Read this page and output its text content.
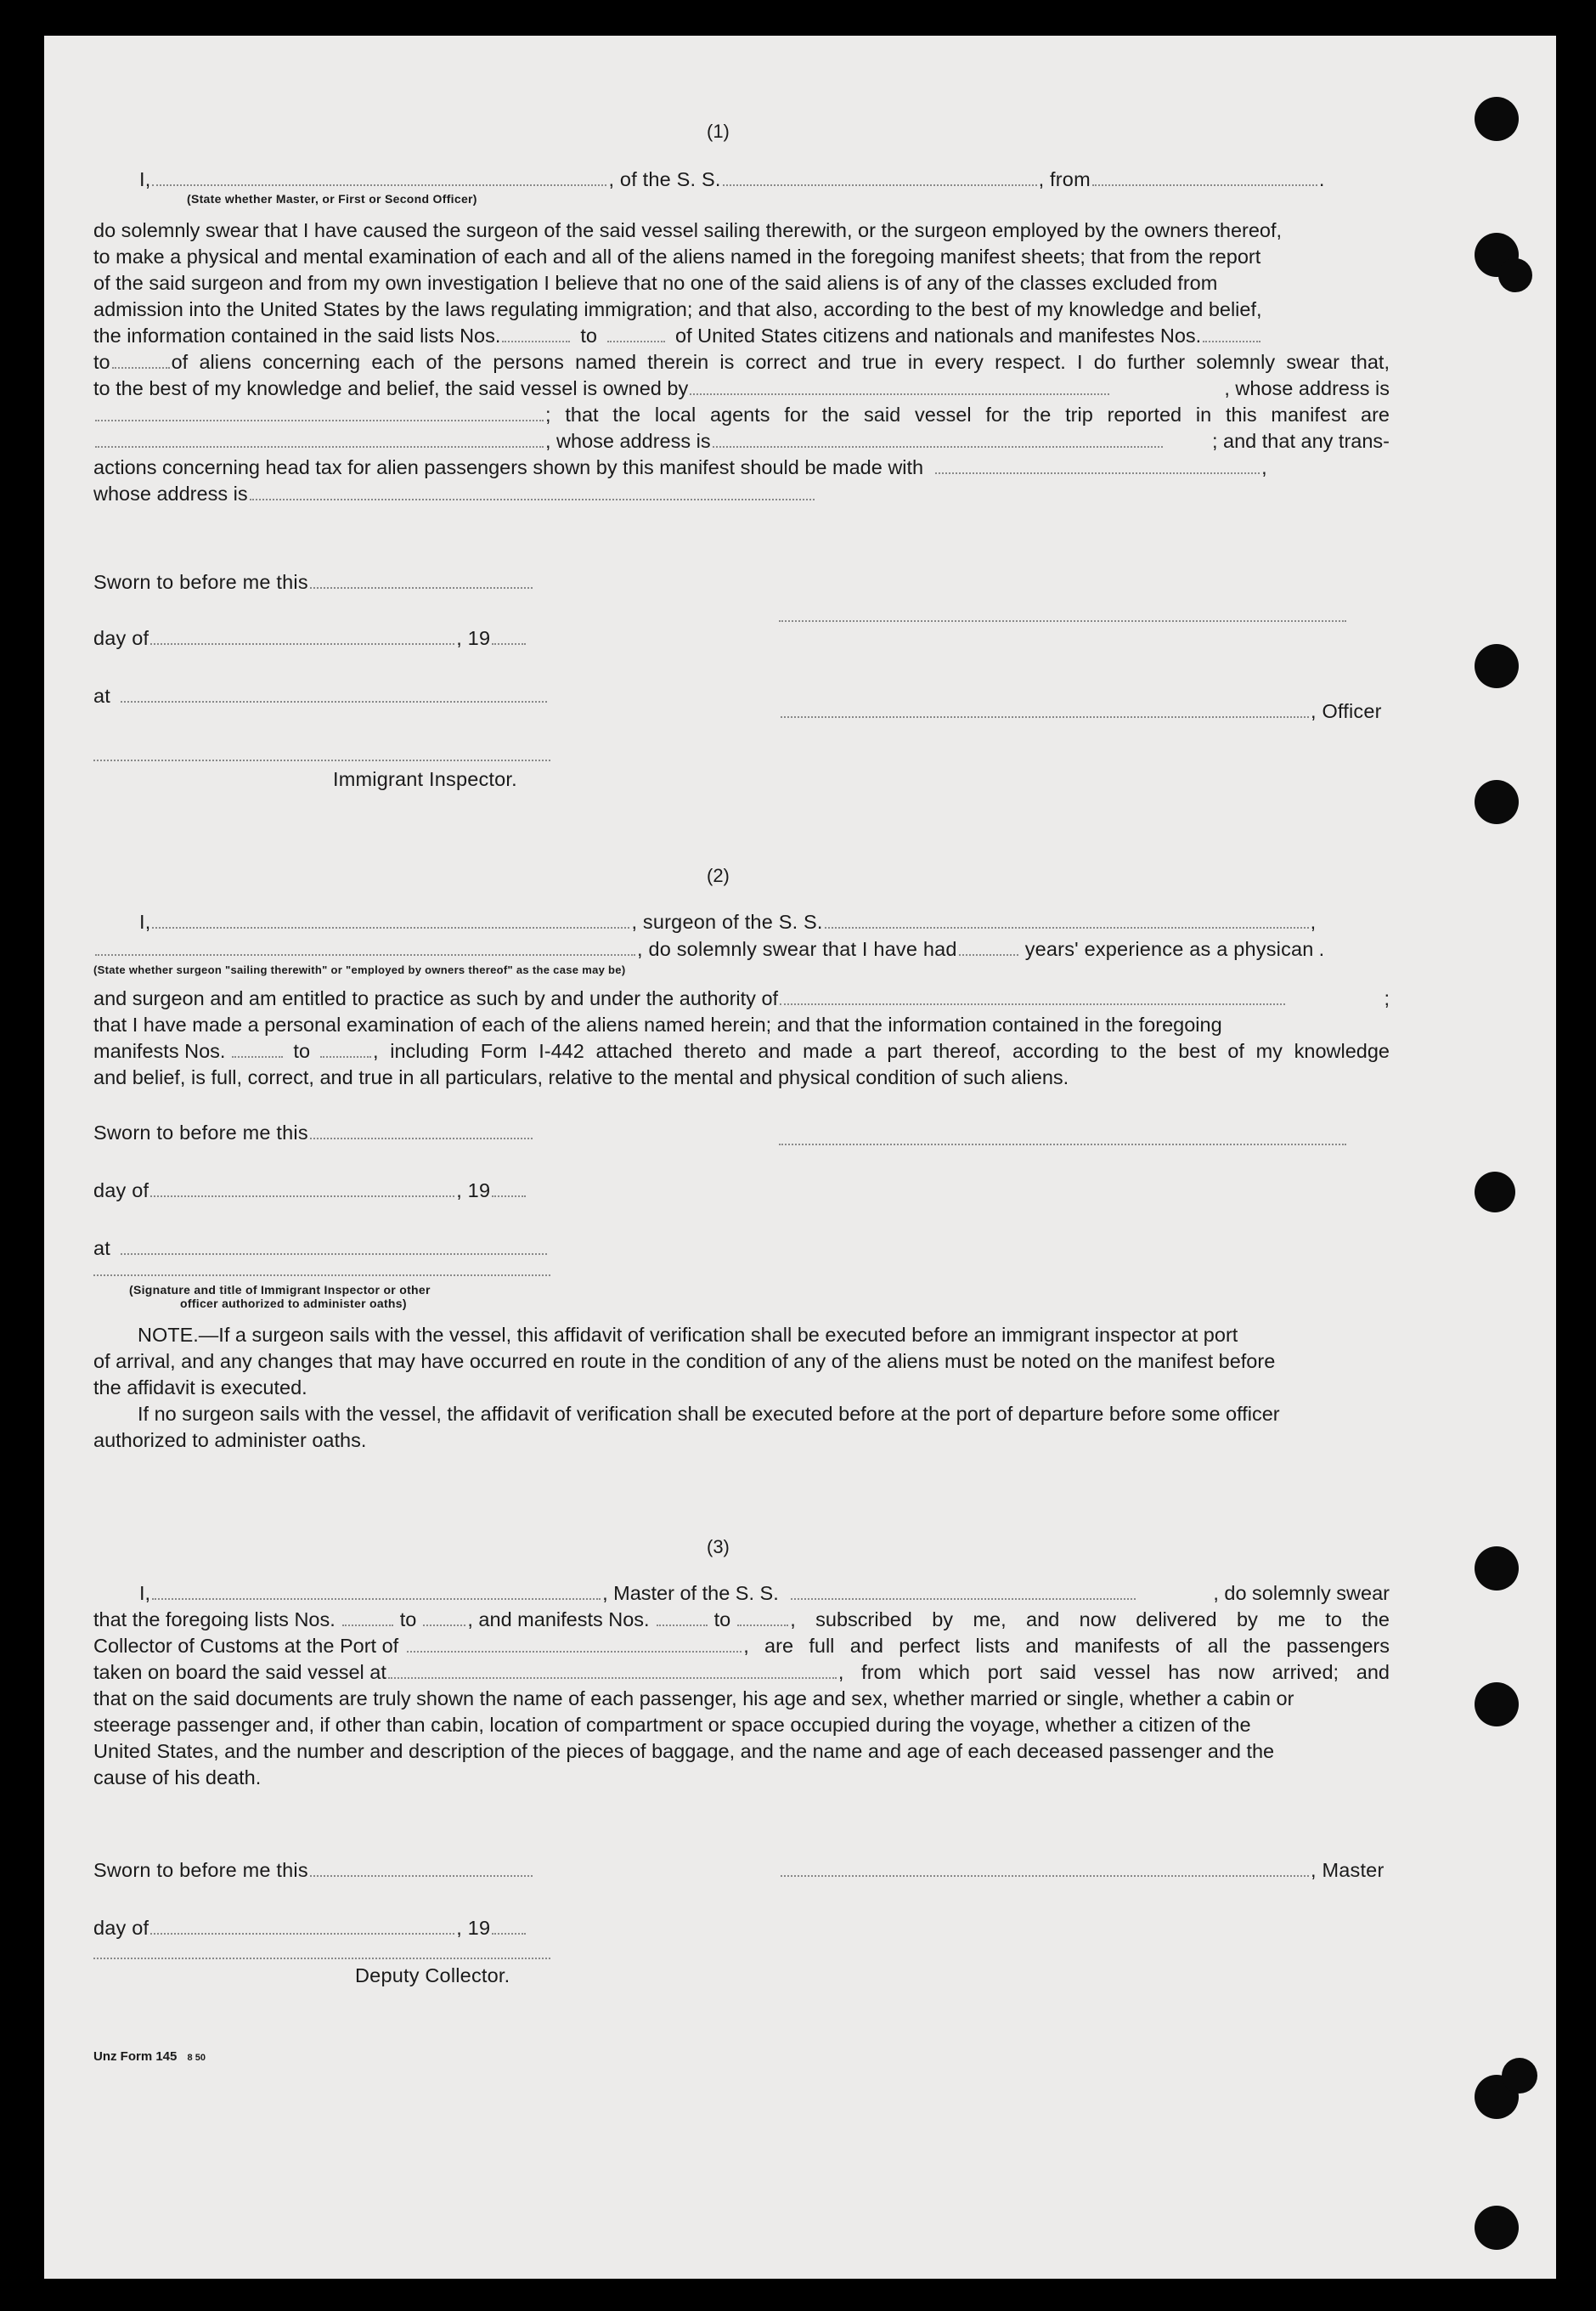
(1)
I,	, of the S. S.	, from	.
(State whether Master, or First or Second Officer)
do solemnly swear that I have caused the surgeon of the said vessel sailing therewith, or the surgeon employed by the owners thereof,
to make a physical and mental examination of each and all of the aliens named in the foregoing manifest sheets; that from the report
of the said surgeon and from my own investigation I believe that no one of the said aliens is of any of the classes excluded from
admission into the United States by the laws regulating immigration; and that also, according to the best of my knowledge and belief,
the information contained in the said lists Nos.	to	of United States citizens and nationals and manifestes Nos.
to	of aliens concerning each of the persons named therein is correct and true in every respect. I do further solemnly swear that,
to the best of my knowledge and belief, the said vessel is owned by	, whose address is
; that the local agents for the said vessel for the trip reported in this manifest are
, whose address is	; and that any trans-
actions concerning head tax for alien passengers shown by this manifest should be made with	,
whose address is
Sworn to before me this
day of	, 19
at
, Officer
Immigrant Inspector.
(2)
I,	, surgeon of the S. S.	,
, do solemnly swear that I have had	years' experience as a physican .
(State whether surgeon "sailing therewith" or "employed by owners thereof" as the case may be)
and surgeon and am entitled to practice as such by and under the authority of	;
that I have made a personal examination of each of the aliens named herein; and that the information contained in the foregoing
manifests Nos.	to	, including Form I-442 attached thereto and made a part thereof, according to the best of my knowledge
and belief, is full, correct, and true in all particulars, relative to the mental and physical condition of such aliens.
Sworn to before me this
day of	, 19
at
(Signature and title of Immigrant Inspector or other
officer authorized to administer oaths)
NOTE.—If a surgeon sails with the vessel, this affidavit of verification shall be executed before an immigrant inspector at port
of arrival, and any changes that may have occurred en route in the condition of any of the aliens must be noted on the manifest before
the affidavit is executed.
If no surgeon sails with the vessel, the affidavit of verification shall be executed before at the port of departure before some officer
authorized to administer oaths.
(3)
I,	, Master of the S. S.	, do solemnly swear
that the foregoing lists Nos.	to	, and manifests Nos.	to	, subscribed by me, and now delivered by me to the
Collector of Customs at the Port of	, are full and perfect lists and manifests of all the passengers
taken on board the said vessel at	, from which port said vessel has now arrived; and
that on the said documents are truly shown the name of each passenger, his age and sex, whether married or single, whether a cabin or
steerage passenger and, if other than cabin, location of compartment or space occupied during the voyage, whether a citizen of the
United States, and the number and description of the pieces of baggage, and the name and age of each deceased passenger and the
cause of his death.
Sworn to before me this	, Master
day of	, 19
Deputy Collector.
Unz Form 145 8 50
